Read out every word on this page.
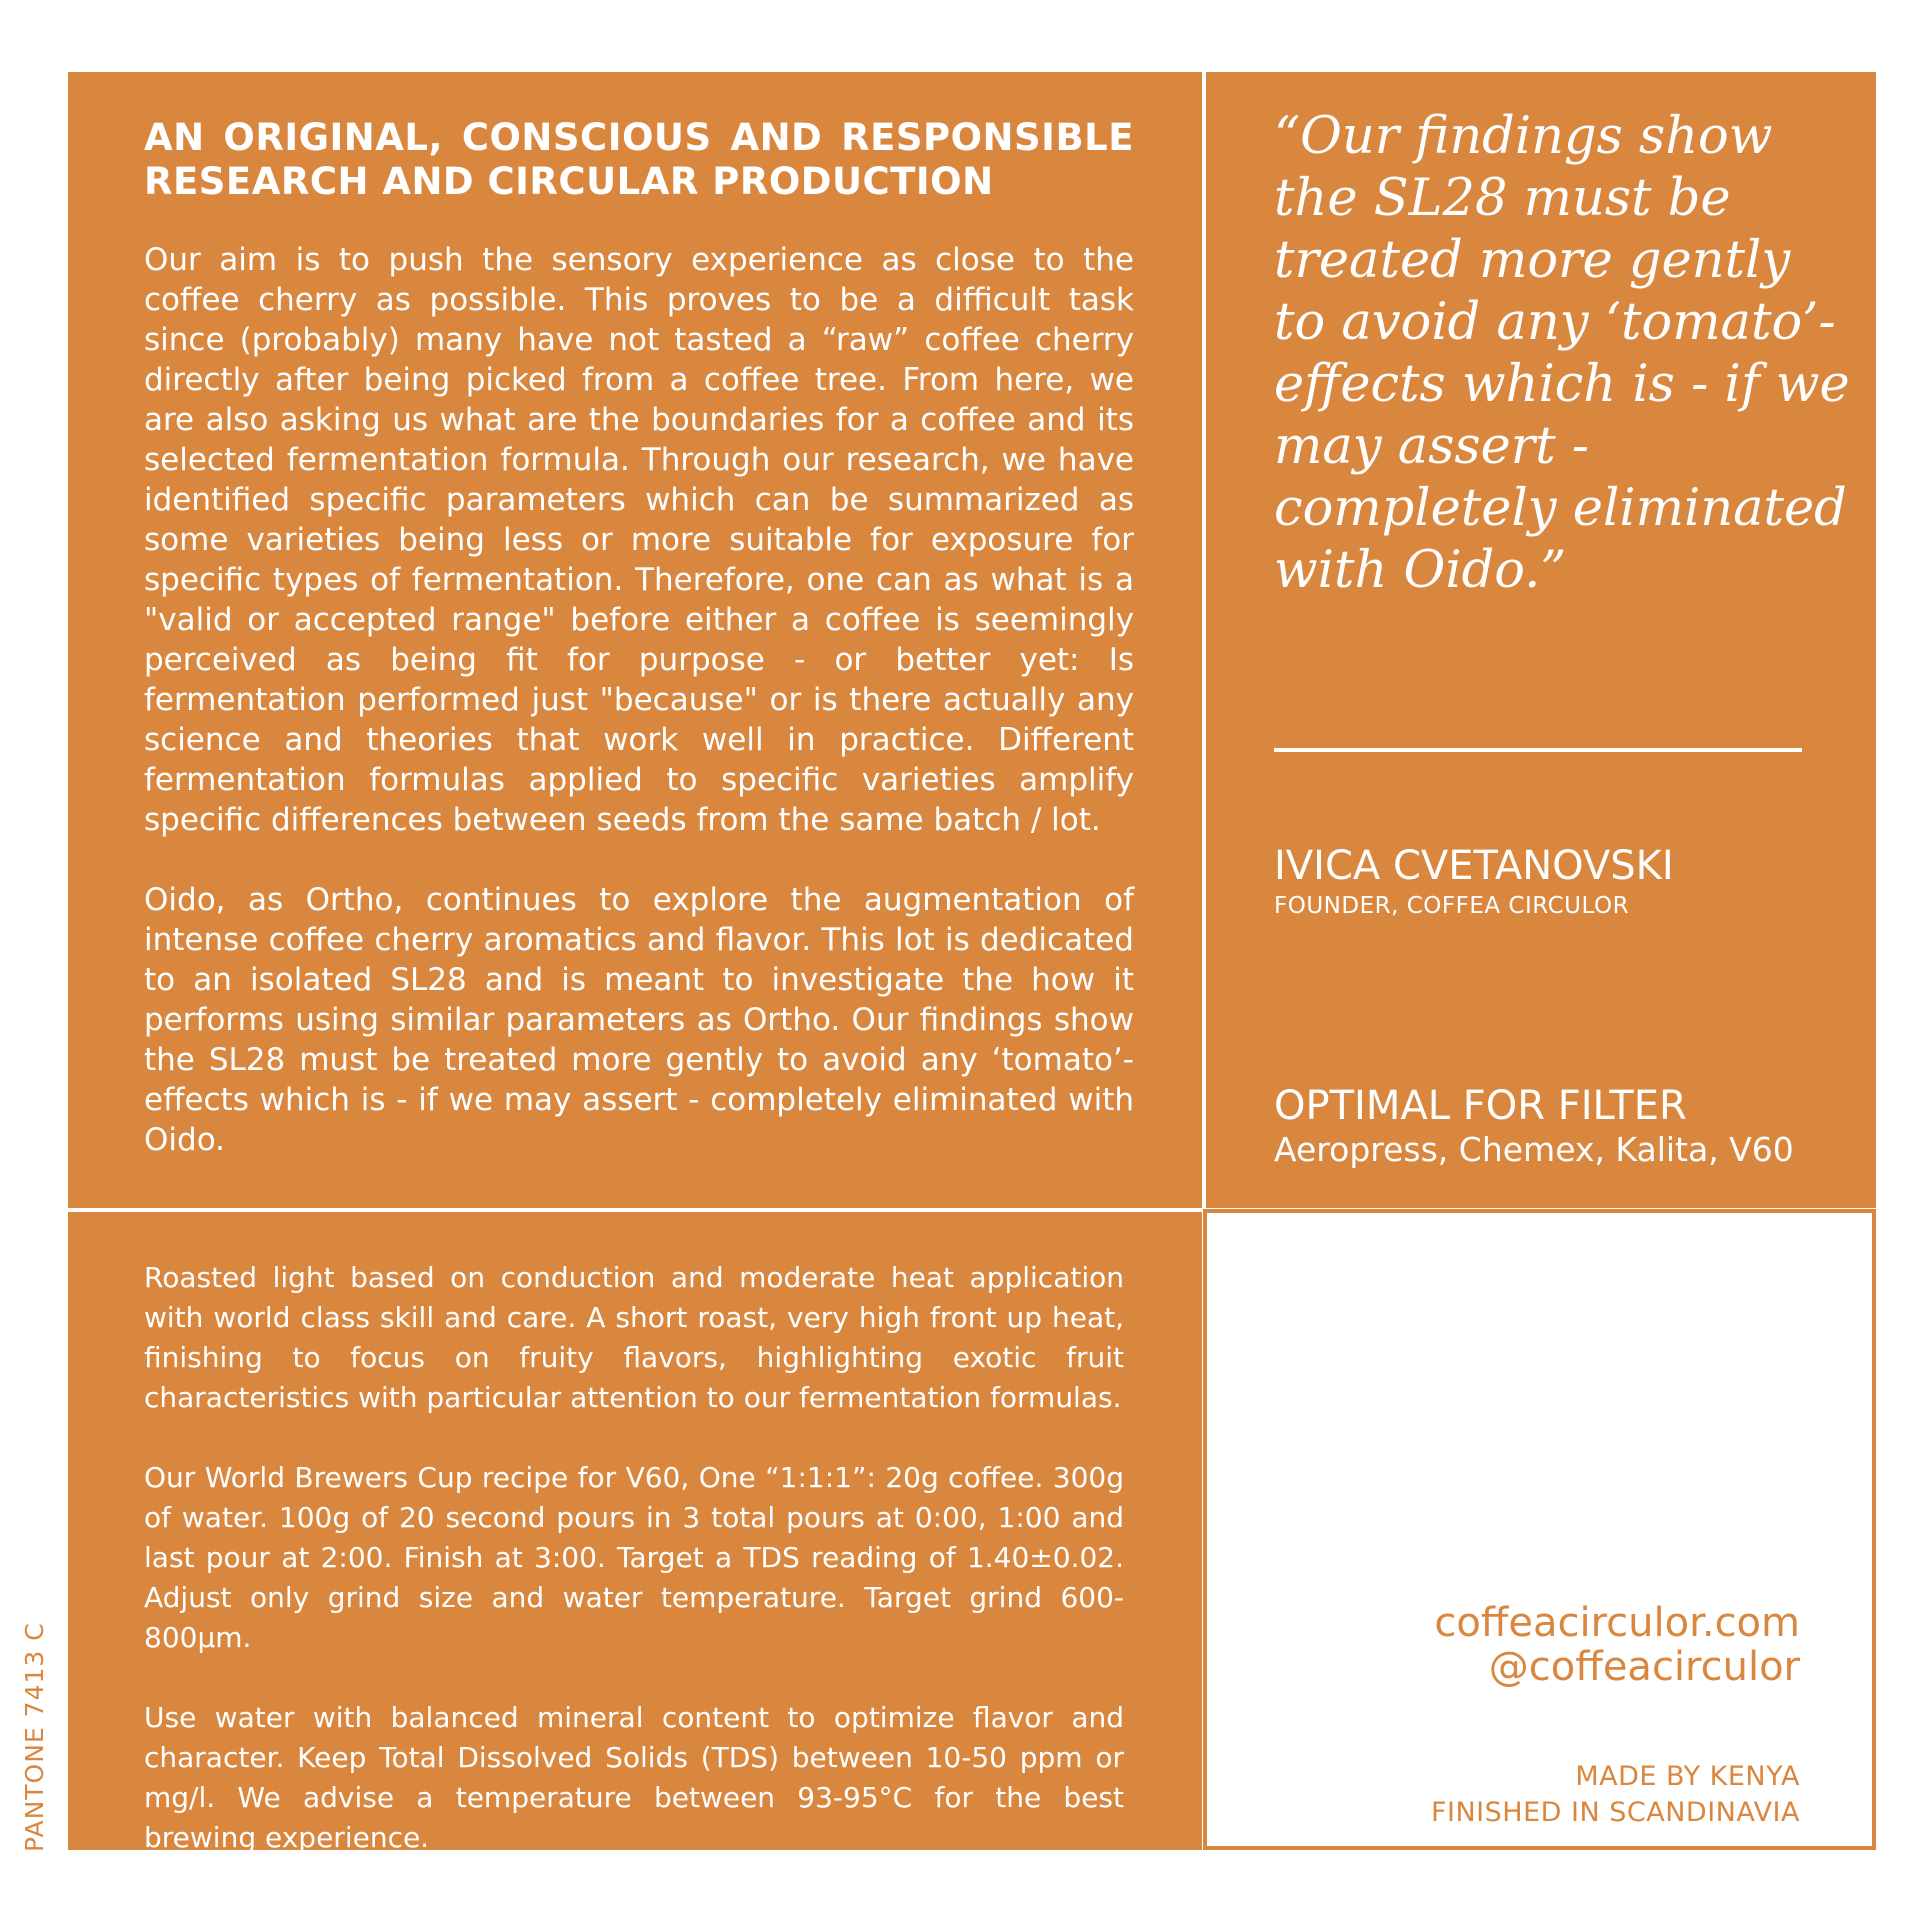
PANTONE 7413 C
AN ORIGINAL, CONSCIOUS AND RESPONSIBLE RESEARCH AND CIRCULAR PRODUCTION

Our aim is to push the sensory experience as close to the coffee cherry as possible. This proves to be a difficult task since (probably) many have not tasted a “raw” coffee cherry directly after being picked from a coffee tree. From here, we are also asking us what are the boundaries for a coffee and its selected fermentation formula. Through our research, we have identified specific parameters which can be summarized as some varieties being less or more suitable for exposure for specific types of fermentation. Therefore, one can as what is a "valid or accepted range" before either a coffee is seemingly perceived as being fit for purpose - or better yet: Is fermentation performed just "because" or is there actually any science and theories that work well in practice. Different fermentation formulas applied to specific varieties amplify specific differences between seeds from the same batch / lot.

Oido, as Ortho, continues to explore the augmentation of intense coffee cherry aromatics and flavor. This lot is dedicated to an isolated SL28 and is meant to investigate the how it performs using similar parameters as Ortho. Our findings show the SL28 must be treated more gently to avoid any ‘tomato’-effects which is - if we may assert - completely eliminated with Oido.

“Our findings show the SL28 must be treated more gently to avoid any ‘tomato’-effects which is - if we may assert - completely eliminated with Oido.”

IVICA CVETANOVSKI

FOUNDER, COFFEA CIRCULOR

OPTIMAL FOR FILTER

Aeropress, Chemex, Kalita, V60

Roasted light based on conduction and moderate heat application with world class skill and care. A short roast, very high front up heat, finishing to focus on fruity flavors, highlighting exotic fruit characteristics with particular attention to our fermentation formulas.

Our World Brewers Cup recipe for V60, One “1:1:1”: 20g coffee. 300g of water. 100g of 20 second pours in 3 total pours at 0:00, 1:00 and last pour at 2:00. Finish at 3:00. Target a TDS reading of 1.40±0.02. Adjust only grind size and water temperature. Target grind 600-800µm.

Use water with balanced mineral content to optimize flavor and character. Keep Total Dissolved Solids (TDS) between 10-50 ppm or mg/l. We advise a temperature between 93-95°C for the best brewing experience.

coffeacirculor.com

@coffeacirculor

MADE BY KENYA

FINISHED IN SCANDINAVIA
